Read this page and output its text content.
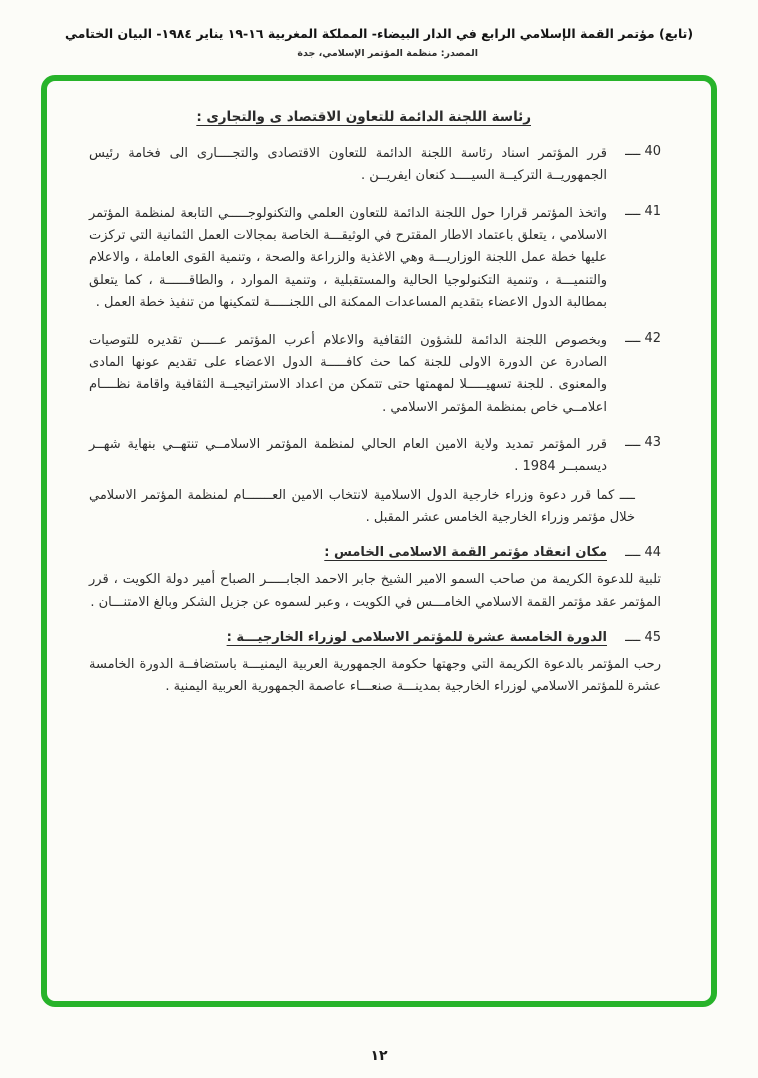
(تابع) مؤتمر القمة الإسلامي الرابع في الدار البيضاء- المملكة المغربية ١٦-١٩ يناير ١٩٨٤- البيان الختامي
المصدر: منظمة المؤتمر الإسلامي، جدة
رئاسة اللجنة الدائمة للتعاون الاقتصاد ى والتجارى :
40 ــــ
قرر المؤتمر اسناد رئاسة اللجنة الدائمة للتعاون الاقتصادى والتجــــارى الى فخامة رئيس الجمهوريــة التركيــة السيــــد كنعان ايفريــن .
41 ــــ
واتخذ المؤتمر قرارا حول اللجنة الدائمة للتعاون العلمي والتكنولوجـــــي التابعة لمنظمة المؤتمر الاسلامي ، يتعلق باعتماد الاطار المقترح في الوثيقـــة الخاصة بمجالات العمل الثمانية التي تركزت عليها خطة عمل اللجنة الوزاريـــة وهي الاغذية والزراعة والصحة ، وتنمية القوى العاملة ، والاعلام والتنميـــة ، وتنمية التكنولوجيا الحالية والمستقبلية ، وتنمية الموارد ، والطاقــــــة ، كما يتعلق بمطالبة الدول الاعضاء بتقديم المساعدات الممكنة الى اللجنـــــة لتمكينها من تنفيذ خطة العمل .
42 ــــ
وبخصوص اللجنة الدائمة للشؤون الثقافية والاعلام أعرب المؤتمر عـــــن تقديره للتوصيات الصادرة عن الدورة الاولى للجنة كما حث كافـــــة الدول الاعضاء على تقديم عونها المادى والمعنوى . للجنة تسهيـــــلا لمهمتها حتى تتمكن من اعداد الاستراتيجيــة الثقافية واقامة نظــــام اعلامــي خاص بمنظمة المؤتمر الاسلامي .
43 ــــ
قرر المؤتمر تمديد ولاية الامين العام الحالي لمنظمة المؤتمر الاسلامــي تنتهــي بنهاية شهــر ديسمبــر 1984 .
ــــ كما قرر دعوة وزراء خارجية الدول الاسلامية لانتخاب الامين العـــــــام لمنظمة المؤتمر الاسلامي خلال مؤتمر وزراء الخارجية الخامس عشر المقبل .
44 ــــ
مكان انعقاد مؤتمر القمة الاسلامى الخامس :
تلبية للدعوة الكريمة من صاحب السمو الامير الشيخ جابر الاحمد الجابـــــر الصباح أمير دولة الكويت ، قرر المؤتمر عقد مؤتمر القمة الاسلامي الخامـــس في الكويت ، وعبر لسموه عن جزيل الشكر وبالغ الامتنـــان .
45 ــــ
الدورة الخامسة عشرة للمؤتمر الاسلامى لوزراء الخارجيـــة :
رحب المؤتمر بالدعوة الكريمة التي وجهتها حكومة الجمهورية العربية اليمنيـــة باستضافــة الدورة الخامسة عشرة للمؤتمر الاسلامي لوزراء الخارجية بمدينـــة صنعـــاء عاصمة الجمهورية العربية اليمنية .
١٢
